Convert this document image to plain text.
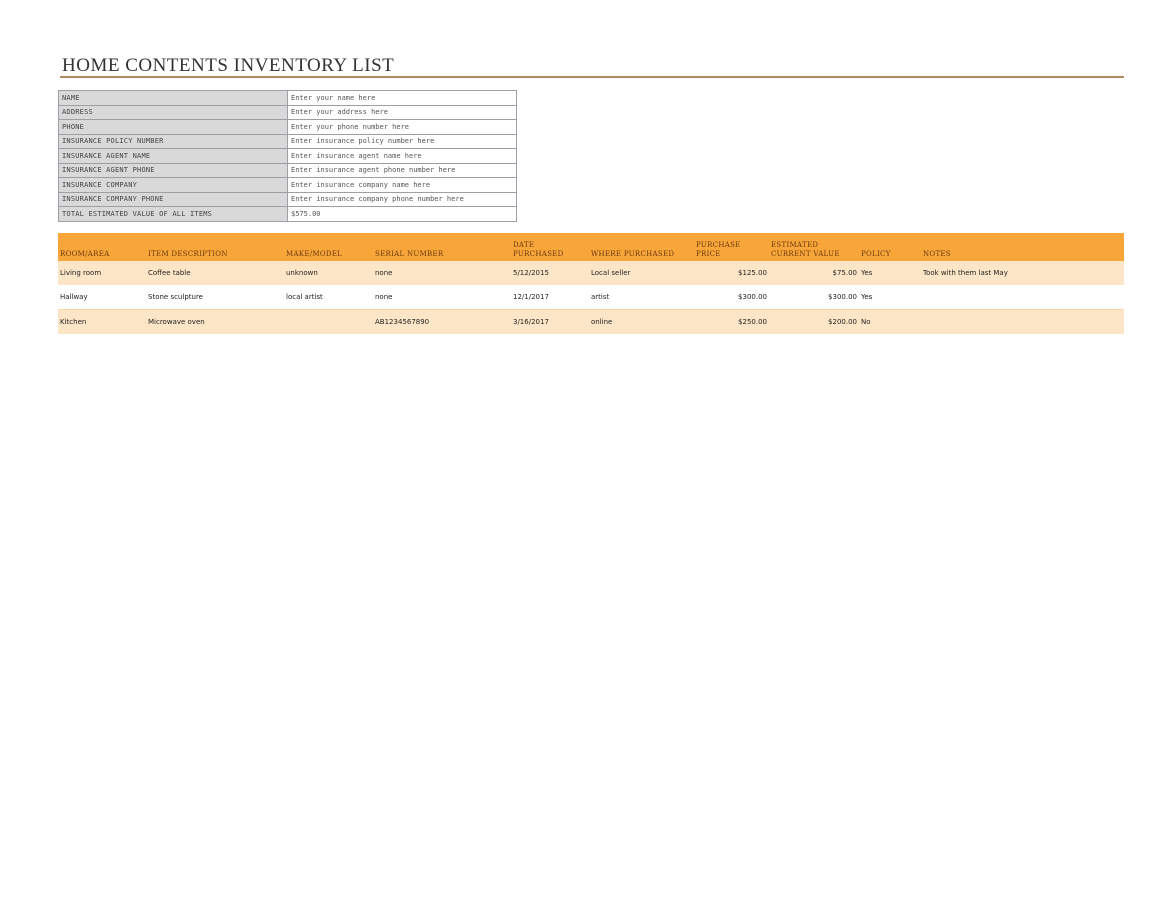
HOME CONTENTS INVENTORY LIST
NAME	Enter your name here
ADDRESS	Enter your address here
PHONE	Enter your phone number here
INSURANCE POLICY NUMBER	Enter insurance policy number here
INSURANCE AGENT NAME	Enter insurance agent name here
INSURANCE AGENT PHONE	Enter insurance agent phone number here
INSURANCE COMPANY	Enter insurance company name here
INSURANCE COMPANY PHONE	Enter insurance company phone number here
TOTAL ESTIMATED VALUE OF ALL ITEMS	$575.00
ROOM/AREA	ITEM DESCRIPTION	MAKE/MODEL	SERIAL NUMBER	DATE PURCHASED	WHERE PURCHASED	PURCHASE PRICE	ESTIMATED CURRENT VALUE	POLICY	NOTES
Living room	Coffee table	unknown	none	5/12/2015	Local seller	$125.00	$75.00	Yes	Took with them last May
Hallway	Stone sculpture	local artist	none	12/1/2017	artist	$300.00	$300.00	Yes	
Kitchen	Microwave oven		AB1234567890	3/16/2017	online	$250.00	$200.00	No	
